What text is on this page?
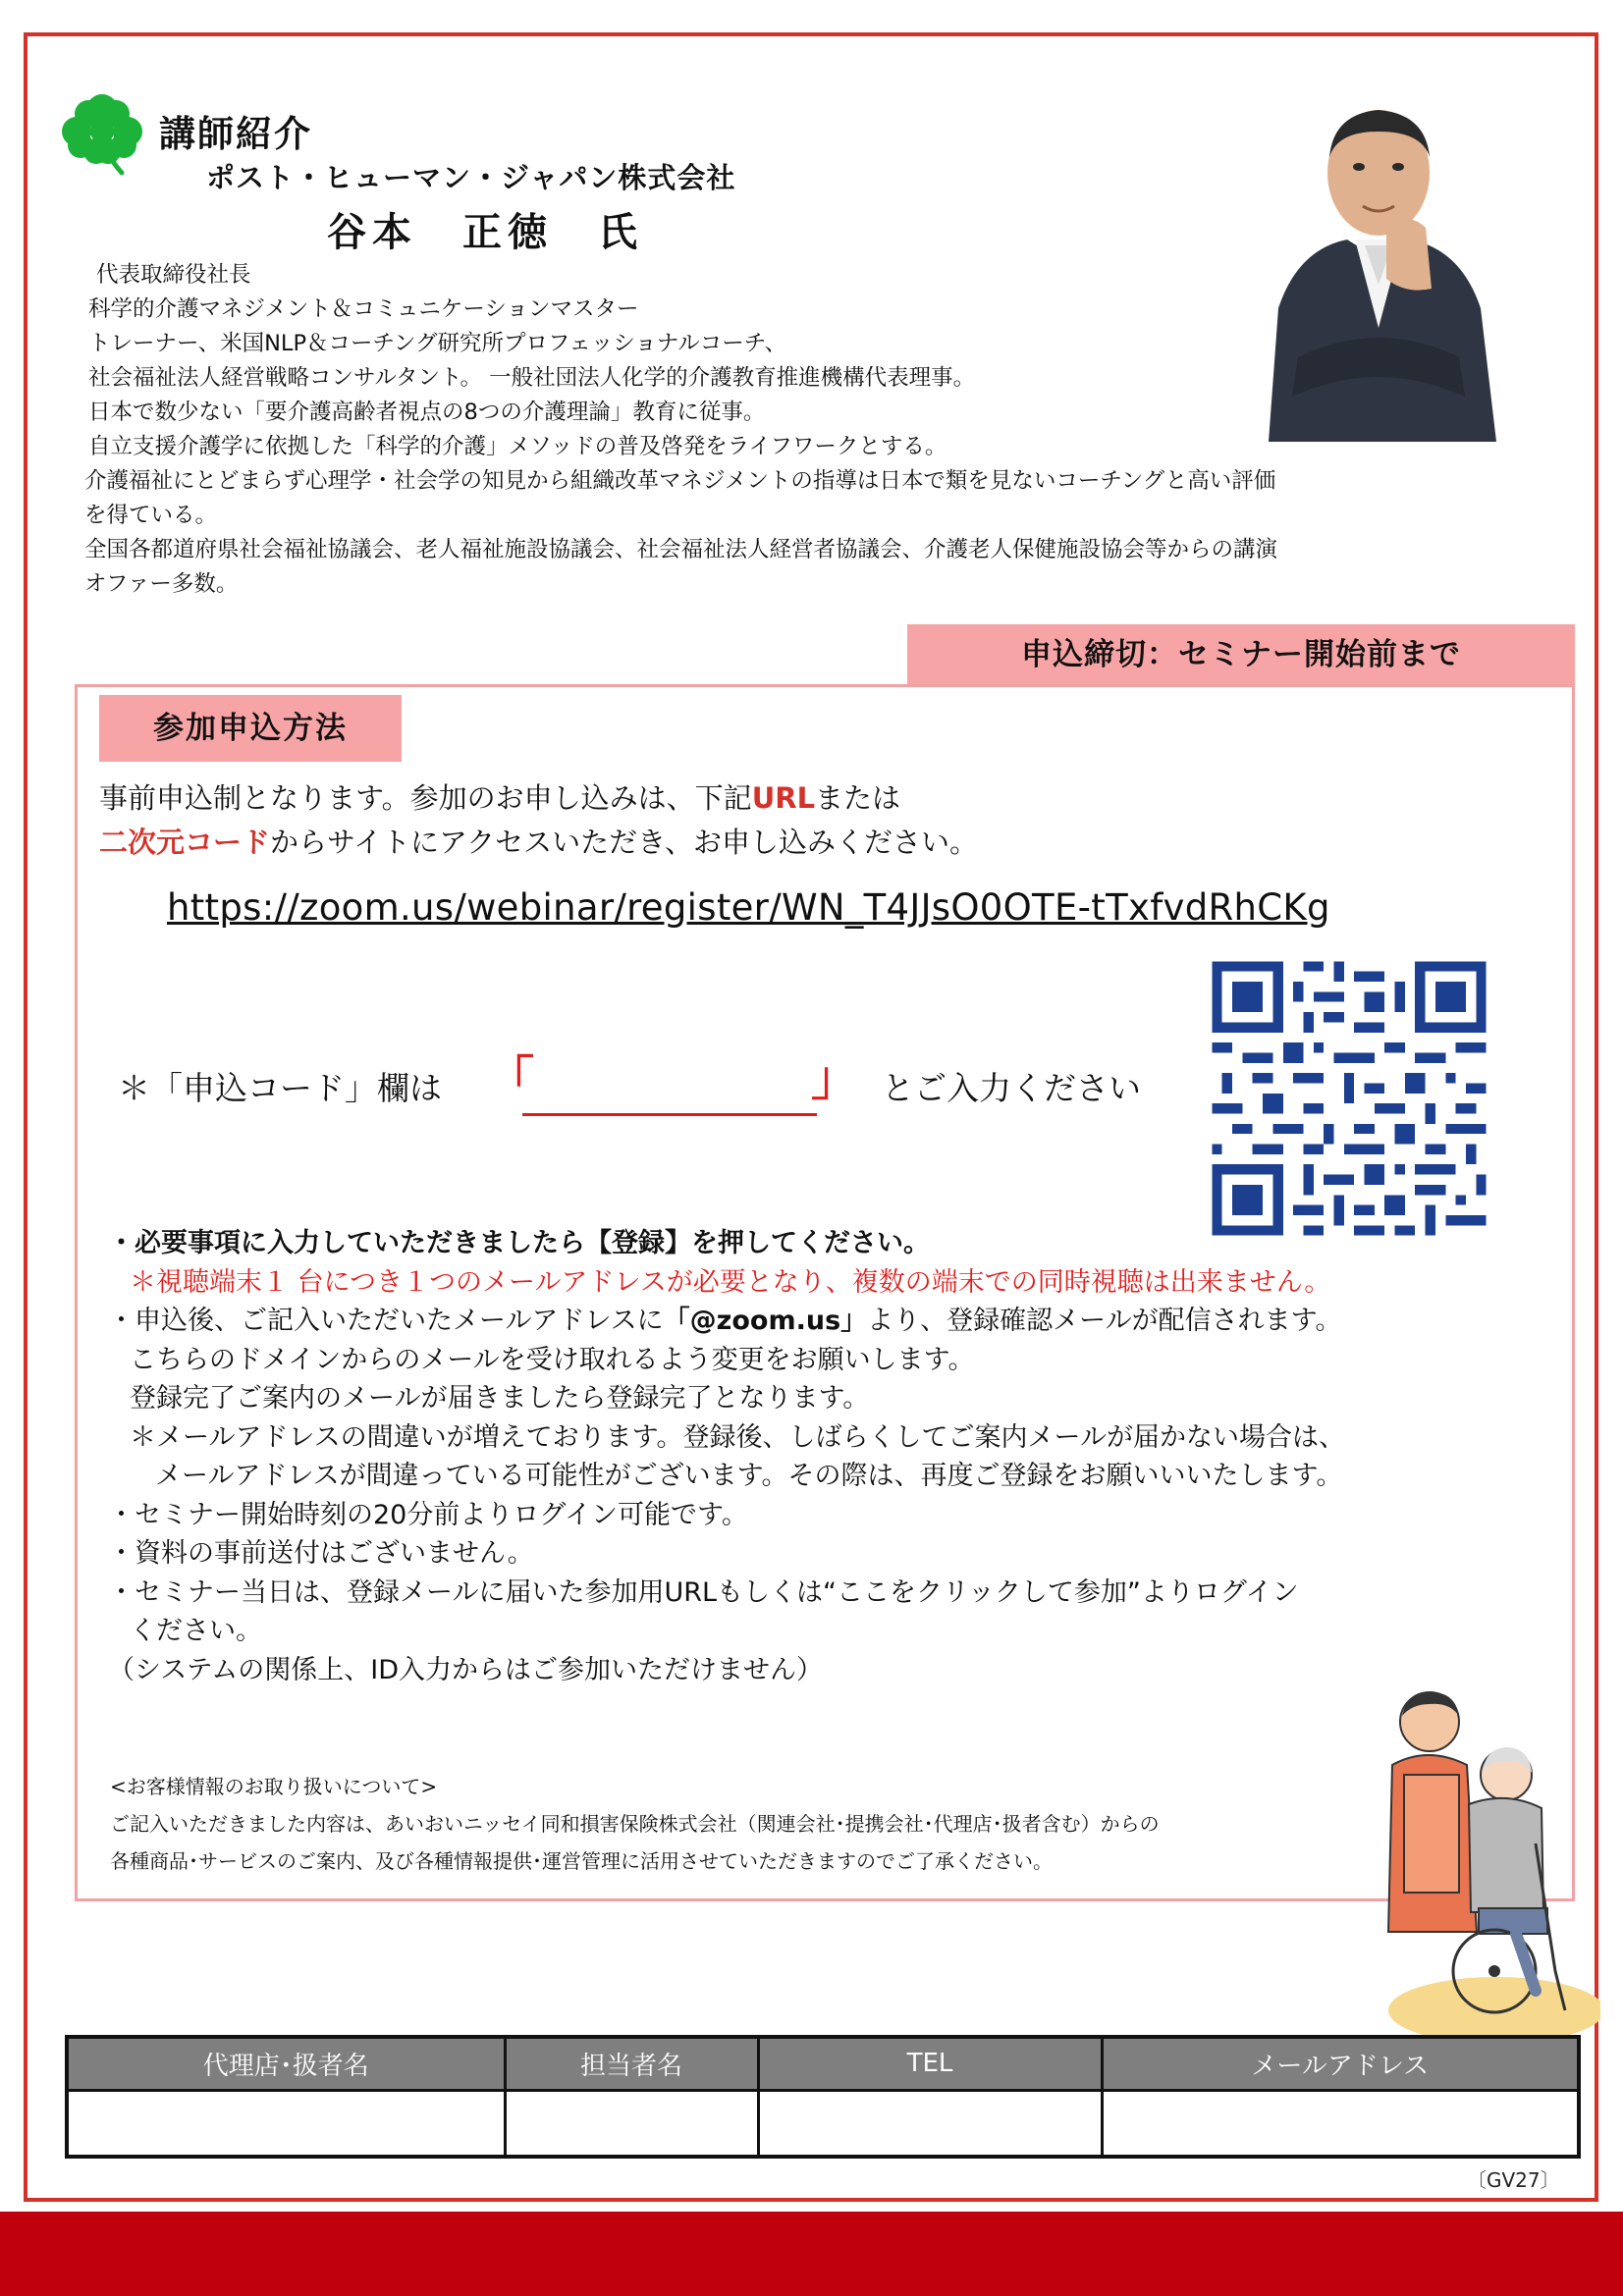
講師紹介
ポスト・ヒューマン・ジャパン株式会社
谷本　正徳　氏
代表取締役社長
科学的介護マネジメント＆コミュニケーションマスター
トレーナー、米国NLP＆コーチング研究所プロフェッショナルコーチ、
社会福祉法人経営戦略コンサルタント。 一般社団法人化学的介護教育推進機構代表理事。
日本で数少ない「要介護高齢者視点の8つの介護理論」教育に従事。
自立支援介護学に依拠した「科学的介護」メソッドの普及啓発をライフワークとする。
介護福祉にとどまらず心理学・社会学の知見から組織改革マネジメントの指導は日本で類を見ないコーチングと高い評価
を得ている。
全国各都道府県社会福祉協議会、老人福祉施設協議会、社会福祉法人経営者協議会、介護老人保健施設協会等からの講演
オファー多数。
申込締切：セミナー開始前まで
参加申込方法
事前申込制となります。参加のお申し込みは、下記URLまたは
二次元コードからサイトにアクセスいただき、お申し込みください。
https://zoom.us/webinar/register/WN_T4JJsO0OTE-tTxfvdRhCKg
＊「申込コード」欄は 「	」 とご入力ください
・必要事項に入力していただきましたら【登録】を押してください。
＊視聴端末１ 台につき１つのメールアドレスが必要となり、複数の端末での同時視聴は出来ません。
・申込後、ご記入いただいたメールアドレスに「@zoom.us」より、登録確認メールが配信されます。
こちらのドメインからのメールを受け取れるよう変更をお願いします。
登録完了ご案内のメールが届きましたら登録完了となります。
＊メールアドレスの間違いが増えております。登録後、しばらくしてご案内メールが届かない場合は、
メールアドレスが間違っている可能性がございます。その際は、再度ご登録をお願いいいたします。
・セミナー開始時刻の20分前よりログイン可能です。
・資料の事前送付はございません。
・セミナー当日は、登録メールに届いた参加用URLもしくは“ここをクリックして参加”よりログイン
ください。
（システムの関係上、ID入力からはご参加いただけません）
<お客様情報のお取り扱いについて>
ご記入いただきました内容は、あいおいニッセイ同和損害保険株式会社（関連会社･提携会社･代理店･扱者含む）からの
各種商品･サービスのご案内、及び各種情報提供･運営管理に活用させていただきますのでご了承ください。
代理店･扱者名	担当者名	TEL	メールアドレス

〔GV27〕
